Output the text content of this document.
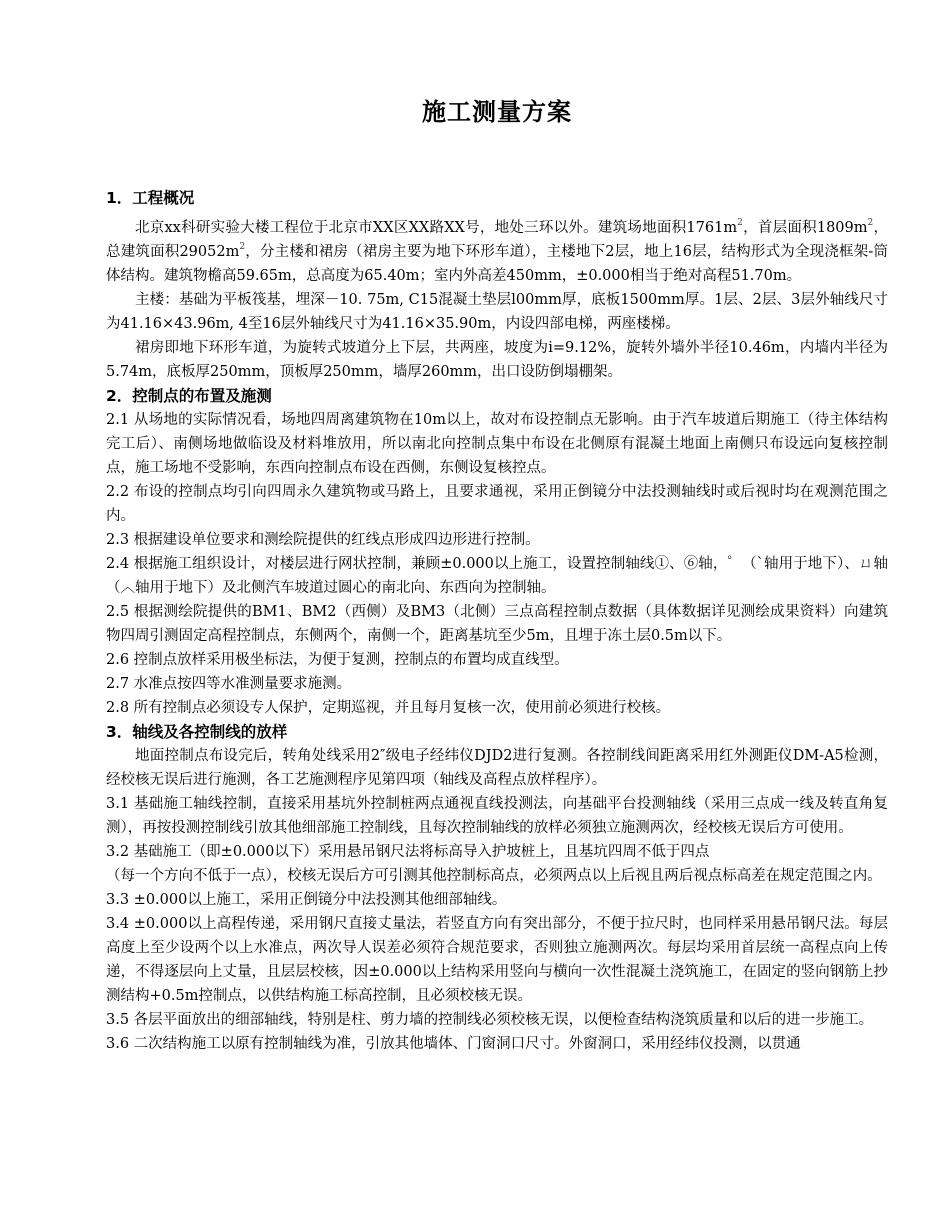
施工测量方案
1．工程概况

北京xx科研实验大楼工程位于北京市XX区XX路XX号，地处三环以外。建筑场地面积$1761m^2$，首层面积$1809m^2$，总建筑面积$29052m^2$，分主楼和裙房（裙房主要为地下环形车道），主楼地下2层，地上16层，结构形式为全现浇框架-筒体结构。建筑物檐高59.65m，总高度为65.40m；室内外高差450mm，±0.000相当于绝对高程51.70m。

主楼：基础为平板筏基，埋深－10. 75m, C15混凝土垫层l00mm厚，底板1500mm厚。1层、2层、3层外轴线尺寸为41.16×43.96m, 4至16层外轴线尺寸为41.16×35.90m，内设四部电梯，两座楼梯。

裙房即地下环形车道，为旋转式坡道分上下层，共两座，坡度为i=9.12%，旋转外墙外半径10.46m，内墙内半径为5.74m，底板厚250mm，顶板厚250mm，墙厚260mm，出口设防倒塌棚架。

2．控制点的布置及施测

2.1 从场地的实际情况看，场地四周离建筑物在10m以上，故对布设控制点无影响。由于汽车坡道后期施工（待主体结构完工后）、南侧场地做临设及材料堆放用，所以南北向控制点集中布设在北侧原有混凝土地面上南侧只布设远向复核控制点，施工场地不受影响，东西向控制点布设在西侧，东侧设复核控点。

2.2 布设的控制点均引向四周永久建筑物或马路上，且要求通视，采用正倒镜分中法投测轴线时或后视时均在观测范围之内。

2.3 根据建设单位要求和测绘院提供的红线点形成四边形进行控制。

2.4 根据施工组织设计，对楼层进行网状控制，兼顾±0.000以上施工，设置控制轴线①、⑥轴，゜（ˋ轴用于地下）、ㄩ轴（︿轴用于地下）及北侧汽车坡道过圆心的南北向、东西向为控制轴。

2.5 根据测绘院提供的BM1、BM2（西侧）及BM3（北侧）三点高程控制点数据（具体数据详见测绘成果资料）向建筑物四周引测固定高程控制点，东侧两个，南侧一个，距离基坑至少5m，且埋于冻土层0.5m以下。

2.6 控制点放样采用极坐标法，为便于复测，控制点的布置均成直线型。

2.7 水准点按四等水准测量要求施测。

2.8 所有控制点必须设专人保护，定期巡视，并且每月复核一次，使用前必须进行校核。

3．轴线及各控制线的放样

地面控制点布设完后，转角处线采用2″级电子经纬仪DJD2进行复测。各控制线间距离采用红外测距仪DM-A5检测，经校核无误后进行施测，各工艺施测程序见第四项（轴线及高程点放样程序）。

3.1 基础施工轴线控制，直接采用基坑外控制桩两点通视直线投测法，向基础平台投测轴线（采用三点成一线及转直角复测），再按投测控制线引放其他细部施工控制线，且每次控制轴线的放样必须独立施测两次，经校核无误后方可使用。

3.2 基础施工（即±0.000以下）采用悬吊钢尺法将标高导入护坡桩上，且基坑四周不低于四点

（每一个方向不低于一点），校核无误后方可引测其他控制标高点，必须两点以上后视且两后视点标高差在规定范围之内。

3.3 ±0.000以上施工，采用正倒镜分中法投测其他细部轴线。

3.4 ±0.000以上高程传递，采用钢尺直接丈量法，若竖直方向有突出部分，不便于拉尺时，也同样采用悬吊钢尺法。每层高度上至少设两个以上水准点，两次导人误差必须符合规范要求，否则独立施测两次。每层均采用首层统一高程点向上传递，不得逐层向上丈量，且层层校核，因±0.000以上结构采用竖向与横向一次性混凝土浇筑施工，在固定的竖向钢筋上抄测结构+0.5m控制点，以供结构施工标高控制，且必须校核无误。

3.5 各层平面放出的细部轴线，特别是柱、剪力墙的控制线必须校核无误，以便检查结构浇筑质量和以后的进一步施工。

3.6 二次结构施工以原有控制轴线为准，引放其他墙体、门窗洞口尺寸。外窗洞口，采用经纬仪投测，以贯通
